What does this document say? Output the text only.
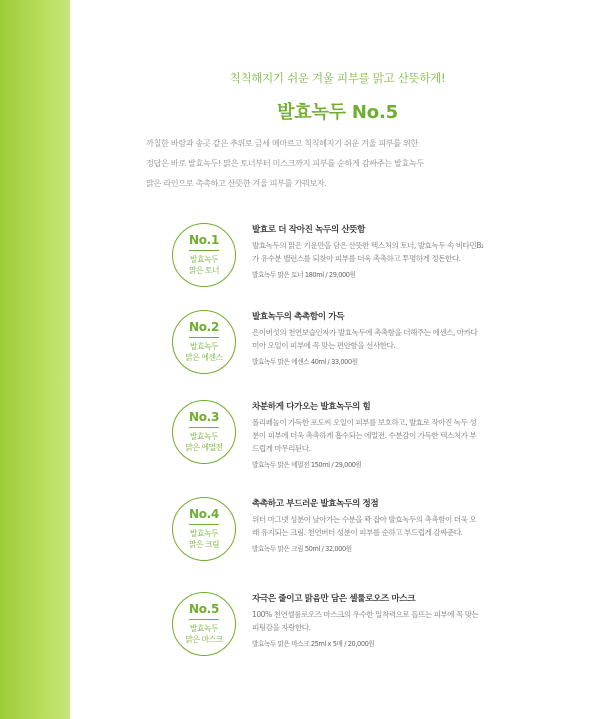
칙칙해지기 쉬운 겨울 피부를 맑고 산뜻하게!
발효녹두 No.5
까칠한 바람과 송곳 같은 추위로 금세 메마르고 칙칙해지기 쉬운 겨울 피부를 위한
정답은 바로 발효녹두! 맑은 토너부터 미스크까지 피부를 순하게 감싸주는 발효녹두
맑은 라인으로 촉촉하고 산뜻한 겨울 피부를 가꿔보자.
No.1
발효녹두
맑은 토너
발효로 더 작아진 녹두의 산뜻함
발효녹두의 맑은 기운만을 담은 산뜻한 텍스처의 토너, 발효녹두 속 비타민B₂
가 유수분 밸런스를 되찾아 피부를 더욱 촉촉하고 투명하게 정돈한다.
발효녹두 맑은 토너 180ml / 29,000원
No.2
발효녹두
맑은 에센스
발효녹두의 촉촉함이 가득
은이버섯의 천연보습인자가 발효녹두에 촉촉함을 더해주는 에센스, 마카다
미아 오일이 피부에 꼭 맞는 편안함을 선사한다.
발효녹두 맑은 에센스 40ml / 33,000원
No.3
발효녹두
맑은 에멀전
차분하게 다가오는 발효녹두의 힘
폴리페놀이 가득한 포도씨 오일이 피부를 보호하고, 발효로 작아진 녹두 성
분이 피부에 더욱 촉촉하게 흡수되는 에멀전. 수분감이 가득한 텍스처가 부
드럽게 마무리된다.
발효녹두 맑은 에멀전 150ml / 29,000원
No.4
발효녹두
맑은 크림
촉촉하고 부드러운 발효녹두의 정점
위터 마그넷 성분이 날아가는 수분을 꽉 잡아 발효녹두의 촉촉함이 더욱 오
래 유지되는 크림. 천연버터 성분이 피부를 순하고 부드럽게 감싸준다.
발효녹두 맑은 크림 50ml / 32,000원
No.5
발효녹두
맑은 마스크
자극은 줄이고 맑음만 담은 셀룰로오즈 마스크
100% 천연셀룰로오즈 마스크의 우수한 밀착력으로 들뜨는 피부에 꼭 맞는
피팅감을 자랑한다.
발효녹두 맑은 마스크 25ml x 5매 / 20,000원
